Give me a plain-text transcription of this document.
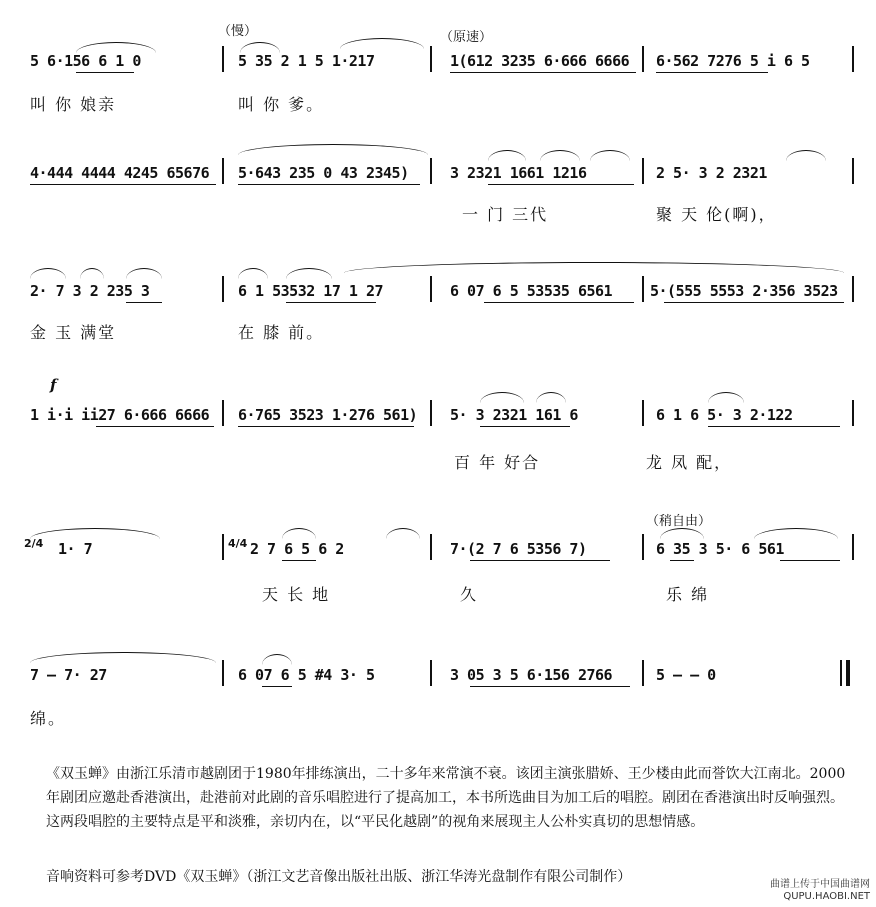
（慢）	（原速）
5 6·156 6 1 0	5 35 2 1 5 1·217	1(612 3235 6·666 6666 6·562 7276 5 i 6 5
叫 你 娘亲	叫 你 爹。
4·444 4444 4245 65676 5·643 235 0 43 2345)	3 2321 1661 1216	2 5· 3 2 2321
一 门 三代	聚 天 伦(啊)，
2· 7 3 2 235 3	6 1 53532 17 1 27	6 07 6 5 53535 6561	5·(555 5553 2·356 3523
金 玉 满堂	在 膝 前。
f
1 i·i ii27 6·666 6666 6·765 3523 1·276 561) 5· 3 2321 161 6	6 1 6 5· 3 2·122
百 年 好合	龙 凤 配，
（稍自由）
2/4 1· 7	4/4 2 7 6 5 6 2	7·(2 7 6 5356 7)	6 35 3 5· 6 561
天 长 地	久	乐 绵
7 – 7· 27	6 07 6 5 #4 3· 5	3 05 3 5 6·156 2766	5 – – 0
绵。

《双玉蝉》由浙江乐清市越剧团于1980年排练演出，二十多年来常演不衰。该团主演张腊娇、王少楼由此而誉饮大江南北。2000年剧团应邀赴香港演出，赴港前对此剧的音乐唱腔进行了提高加工，本书所选曲目为加工后的唱腔。剧团在香港演出时反响强烈。这两段唱腔的主要特点是平和淡雅，亲切内在，以“平民化越剧”的视角来展现主人公朴实真切的思想情感。

音响资料可参考DVD《双玉蝉》（浙江文艺音像出版社出版、浙江华涛光盘制作有限公司制作）	曲谱上传于中国曲谱网
QUPU.HAOBI.NET
